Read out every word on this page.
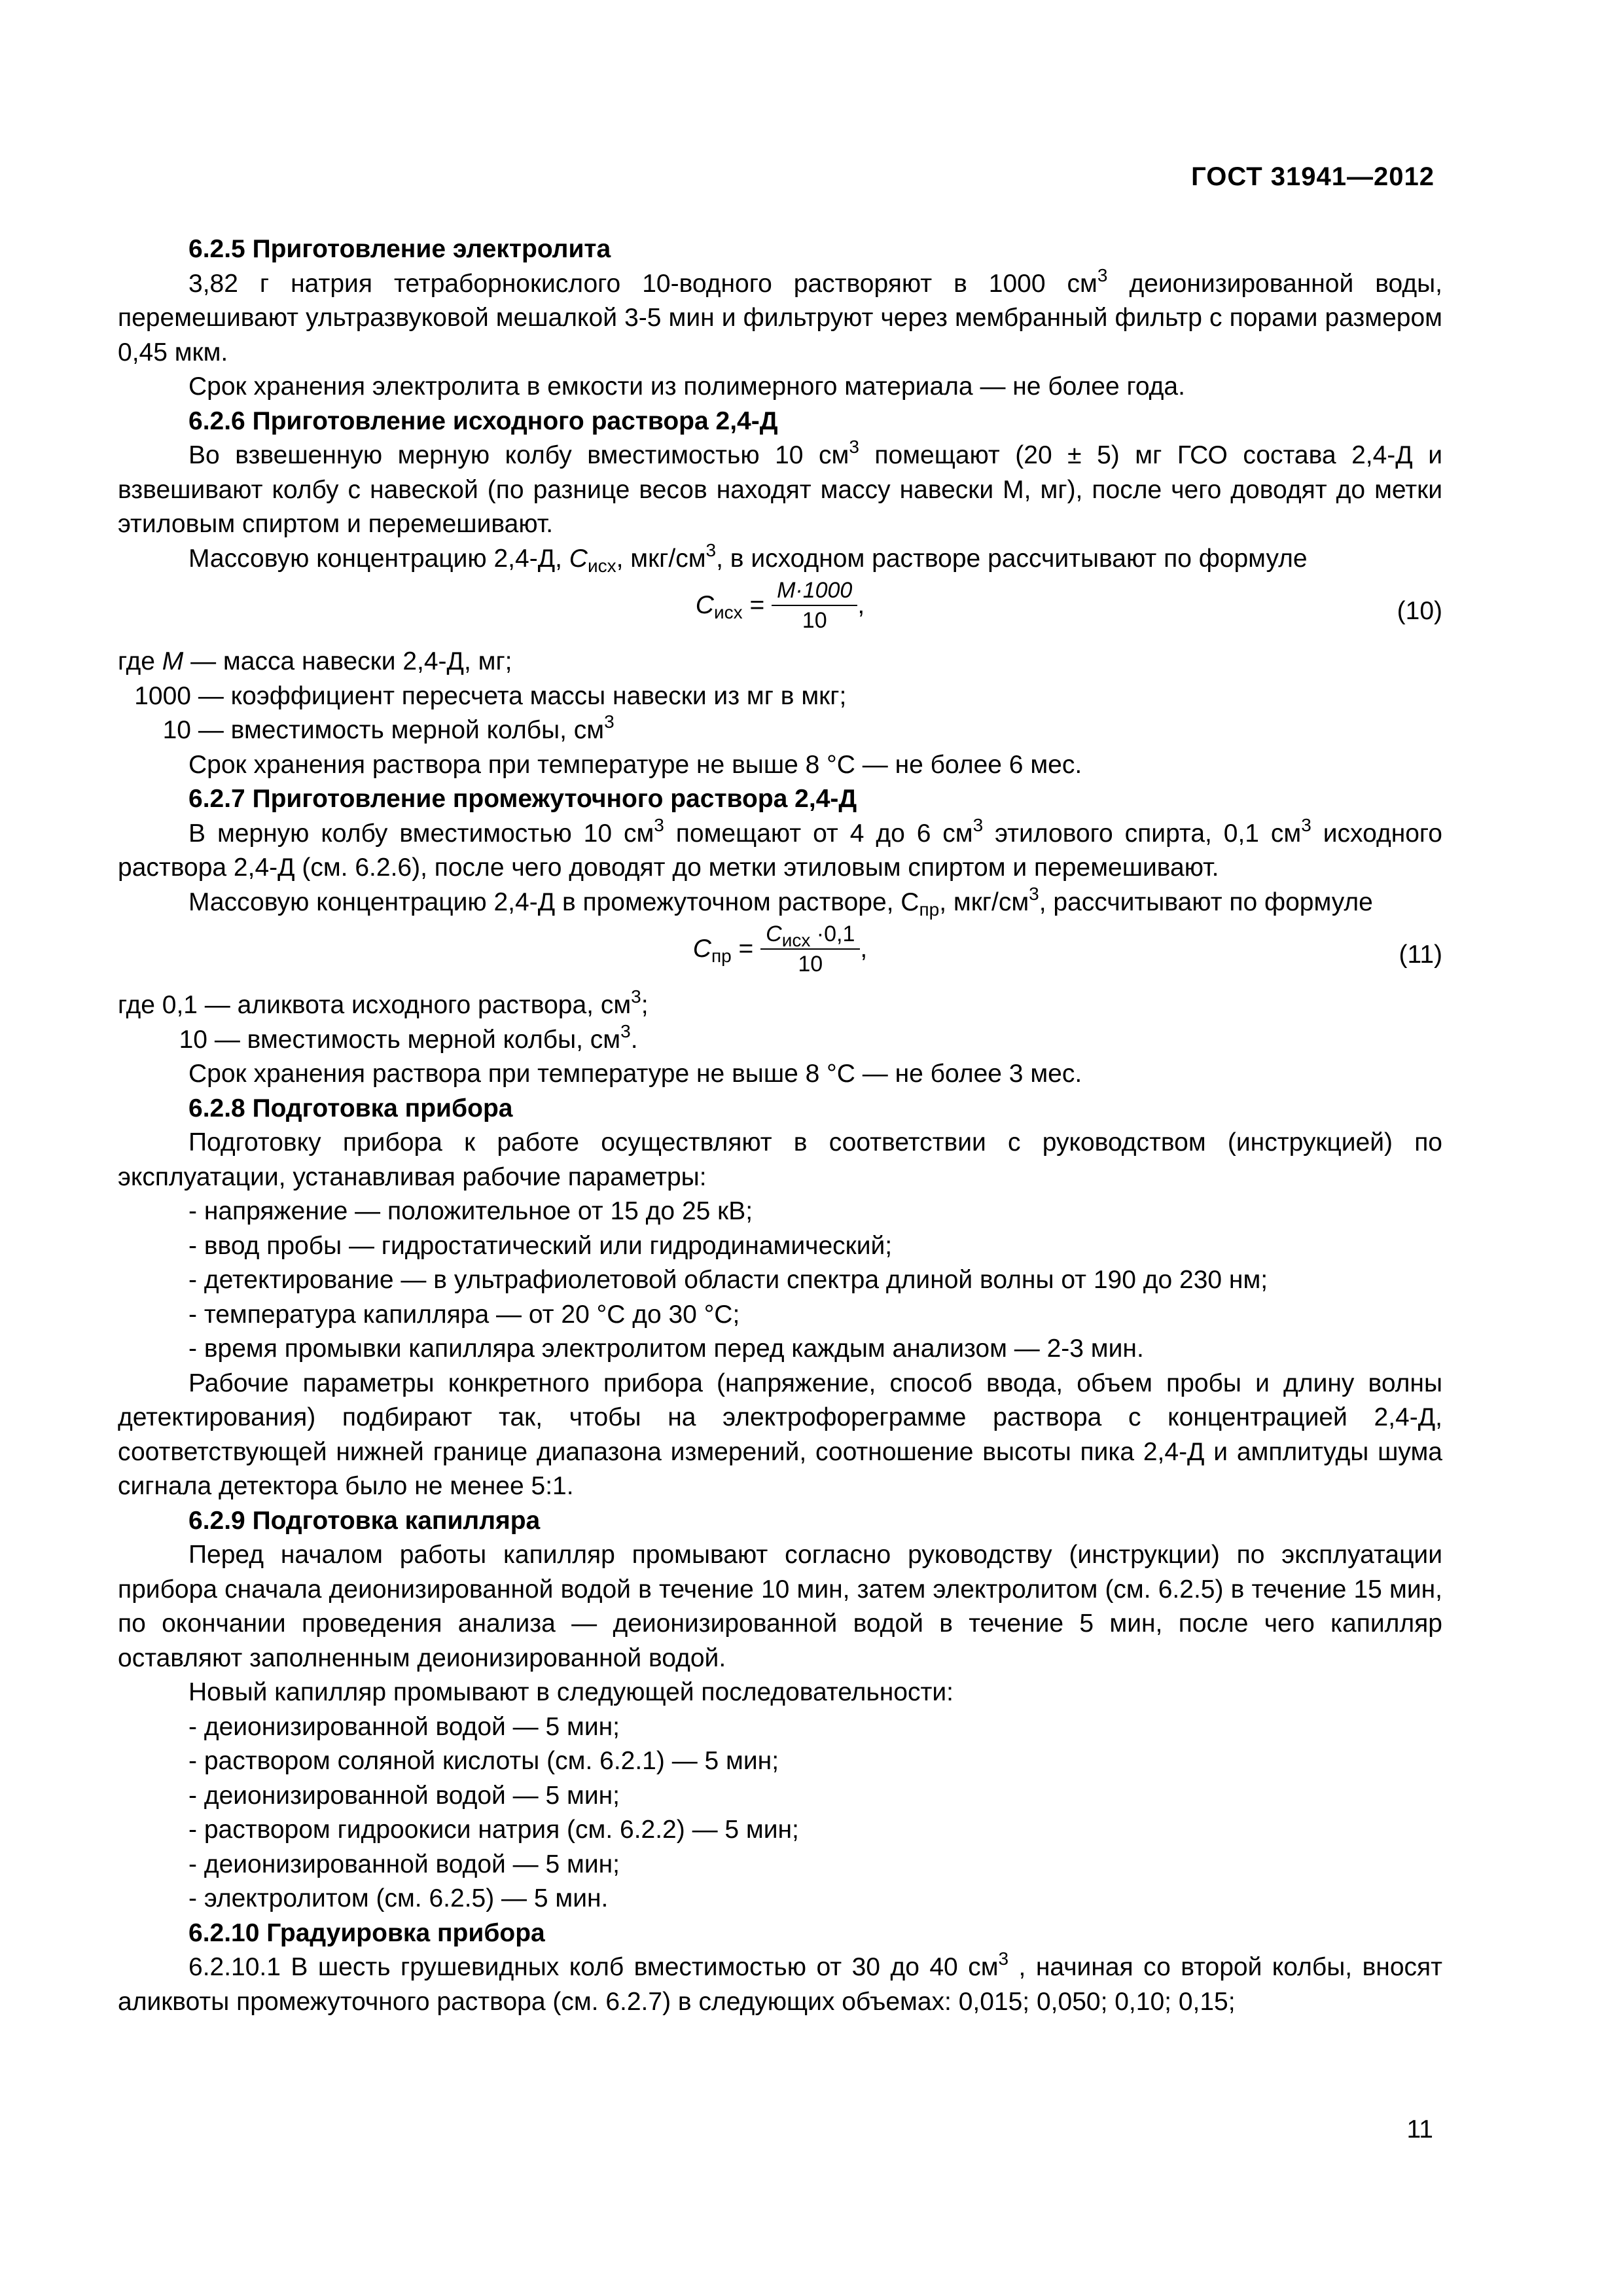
ГОСТ 31941—2012

6.2.5 Приготовление электролита

3,82 г натрия тетраборнокислого 10-водного растворяют в 1000 $см^3$ деионизированной воды, перемешивают ультразвуковой мешалкой 3-5 мин и фильтруют через мембранный фильтр с порами размером 0,45 мкм.

Срок хранения электролита в емкости из полимерного материала — не более года.

6.2.6 Приготовление исходного раствора 2,4-Д

Во взвешенную мерную колбу вместимостью 10 $см^3$ помещают (20 ± 5) мг ГСО состава 2,4-Д и взвешивают колбу с навеской (по разнице весов находят массу навески М, мг), после чего доводят до метки этиловым спиртом и перемешивают.

Массовую концентрацию 2,4-Д, $C_{исх}$, мкг/$см^3$, в исходном растворе рассчитывают по формуле

$C_{исх} = \frac{M\cdot 1000}{10}$ ,	(10)

где M — масса навески 2,4-Д, мг;

1000 — коэффициент пересчета массы навески из мг в мкг;

10 — вместимость мерной колбы, $см^3$

Срок хранения раствора при температуре не выше 8 °С — не более 6 мес.

6.2.7 Приготовление промежуточного раствора 2,4-Д

В мерную колбу вместимостью 10 $см^3$ помещают от 4 до 6 $см^3$ этилового спирта, 0,1 $см^3$ исходного раствора 2,4-Д (см. 6.2.6), после чего доводят до метки этиловым спиртом и перемешивают.

Массовую концентрацию 2,4-Д в промежуточном растворе, $С_{пр}$, мкг/$см^3$, рассчитывают по формуле

$C_{пр} = \frac{C_{исх} \cdot 0,1}{10}$ ,	(11)

где 0,1 — аликвота исходного раствора, $см^3$;

10 — вместимость мерной колбы, $см^3$.

Срок хранения раствора при температуре не выше 8 °С — не более 3 мес.

6.2.8 Подготовка прибора

Подготовку прибора к работе осуществляют в соответствии с руководством (инструкцией) по эксплуатации, устанавливая рабочие параметры:

- напряжение — положительное от 15 до 25 кВ;

- ввод пробы — гидростатический или гидродинамический;

- детектирование — в ультрафиолетовой области спектра длиной волны от 190 до 230 нм;

- температура капилляра — от 20 °С до 30 °С;

- время промывки капилляра электролитом перед каждым анализом — 2-3 мин.

Рабочие параметры конкретного прибора (напряжение, способ ввода, объем пробы и длину волны детектирования) подбирают так, чтобы на электрофореграмме раствора с концентрацией 2,4-Д, соответствующей нижней границе диапазона измерений, соотношение высоты пика 2,4-Д и амплитуды шума сигнала детектора было не менее 5:1.

6.2.9 Подготовка капилляра

Перед началом работы капилляр промывают согласно руководству (инструкции) по эксплуатации прибора сначала деионизированной водой в течение 10 мин, затем электролитом (см. 6.2.5) в течение 15 мин, по окончании проведения анализа — деионизированной водой в течение 5 мин, после чего капилляр оставляют заполненным деионизированной водой.

Новый капилляр промывают в следующей последовательности:

- деионизированной водой — 5 мин;

- раствором соляной кислоты (см. 6.2.1) — 5 мин;

- деионизированной водой — 5 мин;

- раствором гидроокиси натрия (см. 6.2.2) — 5 мин;

- деионизированной водой — 5 мин;

- электролитом (см. 6.2.5) — 5 мин.

6.2.10 Градуировка прибора

6.2.10.1 В шесть грушевидных колб вместимостью от 30 до 40 $см^3$ , начиная со второй колбы, вносят аликвоты промежуточного раствора (см. 6.2.7) в следующих объемах: 0,015; 0,050; 0,10; 0,15;

11
